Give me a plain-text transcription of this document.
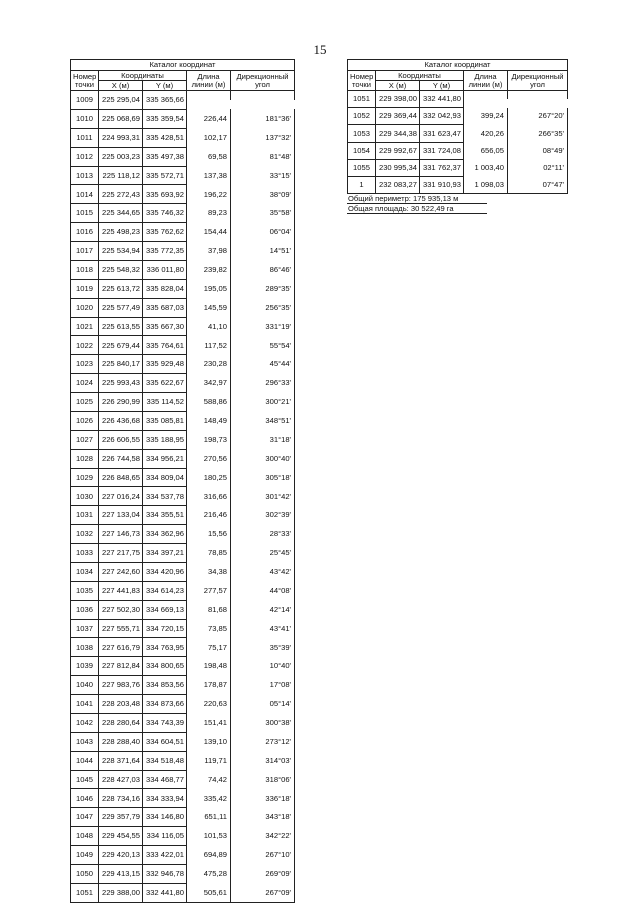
15
Каталог координат					
Номер
точки	Координаты		Длина
линии (м)	Дирекционный
угол	
	X (м)	Y (м)			
1009	225 295,04	335 365,66			

1010	225 068,69	335 359,54	226,44	181°36'	

1011	224 993,31	335 428,51	102,17	137°32'	

1012	225 003,23	335 497,38	69,58	81°48'	

1013	225 118,12	335 572,71	137,38	33°15'	

1014	225 272,43	335 693,92	196,22	38°09'	

1015	225 344,65	335 746,32	89,23	35°58'	

1016	225 498,23	335 762,62	154,44	06°04'	

1017	225 534,94	335 772,35	37,98	14°51'	

1018	225 548,32	336 011,80	239,82	86°46'	

1019	225 613,72	335 828,04	195,05	289°35'	

1020	225 577,49	335 687,03	145,59	256°35'	

1021	225 613,55	335 667,30	41,10	331°19'	

1022	225 679,44	335 764,61	117,52	55°54'	

1023	225 840,17	335 929,48	230,28	45°44'	

1024	225 993,43	335 622,67	342,97	296°33'	

1025	226 290,99	335 114,52	588,86	300°21'	

1026	226 436,68	335 085,81	148,49	348°51'	

1027	226 606,55	335 188,95	198,73	31°18'	

1028	226 744,58	334 956,21	270,56	300°40'	

1029	226 848,65	334 809,04	180,25	305°18'	

1030	227 016,24	334 537,78	316,66	301°42'	

1031	227 133,04	334 355,51	216,46	302°39'	

1032	227 146,73	334 362,96	15,56	28°33'	

1033	227 217,75	334 397,21	78,85	25°45'	

1034	227 242,60	334 420,96	34,38	43°42'	

1035	227 441,83	334 614,23	277,57	44°08'	

1036	227 502,30	334 669,13	81,68	42°14'	

1037	227 555,71	334 720,15	73,85	43°41'	

1038	227 616,79	334 763,95	75,17	35°39'	

1039	227 812,84	334 800,65	198,48	10°40'	

1040	227 983,76	334 853,56	178,87	17°08'	

1041	228 203,48	334 873,66	220,63	05°14'	

1042	228 280,64	334 743,39	151,41	300°38'	

1043	228 288,40	334 604,51	139,10	273°12'	

1044	228 371,64	334 518,48	119,71	314°03'	

1045	228 427,03	334 468,77	74,42	318°06'	

1046	228 734,16	334 333,94	335,42	336°18'	

1047	229 357,79	334 146,80	651,11	343°18'	

1048	229 454,55	334 116,05	101,53	342°22'	

1049	229 420,13	333 422,01	694,89	267°10'	

1050	229 413,15	332 946,78	475,28	269°09'	

1051	229 388,00	332 441,80	505,61	267°09'	

Каталог координат					
Номер
точки	Координаты		Длина
линии (м)	Дирекционный
угол	
	X (м)	Y (м)			
1051	229 398,00	332 441,80			

1052	229 369,44	332 042,93	399,24	267°20'	

1053	229 344,38	331 623,47	420,26	266°35'	

1054	229 992,67	331 724,08	656,05	08°49'	

1055	230 995,34	331 762,37	1 003,40	02°11'	

1	232 083,27	331 910,93	1 098,03	07°47'	

Общий периметр: 175 935,13 м
Общая площадь: 30 522,49 га
